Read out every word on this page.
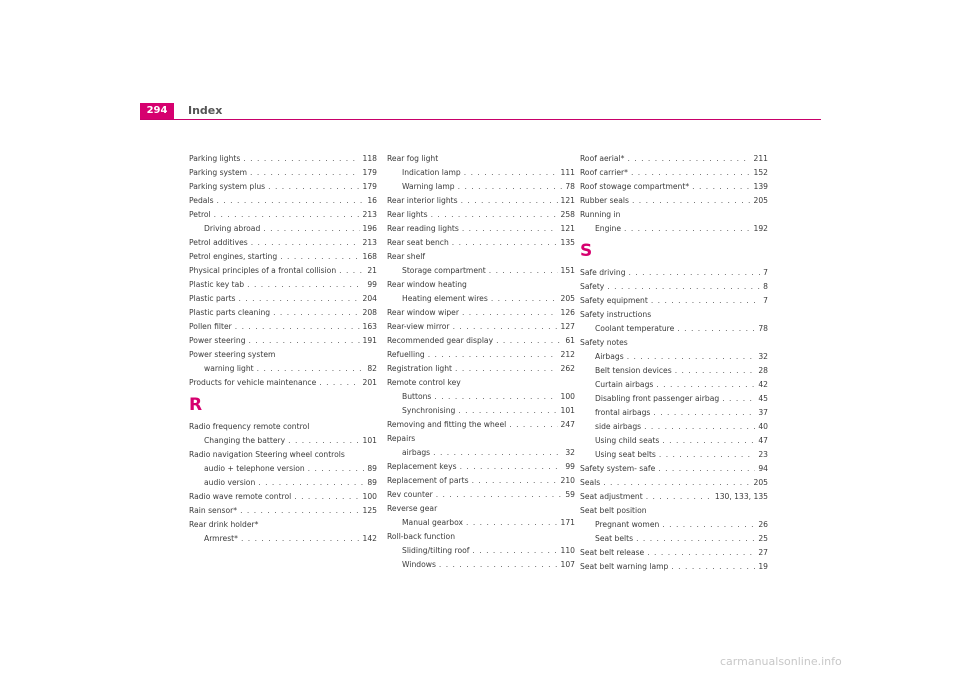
294	Index
Parking lights . . .	118
Parking system . . .	179
Parking system plus . . .	179
Pedals . . .	16
Petrol . . .	213
Driving abroad . . .	196
Petrol additives . . .	213
Petrol engines, starting . . .	168
Physical principles of a frontal collision . . .	21
Plastic key tab . . .	99
Plastic parts . . .	204
Plastic parts cleaning . . .	208
Pollen filter . . .	163
Power steering . . .	191
Power steering system
warning light . . .	82
Products for vehicle maintenance . . .	201
R
Radio frequency remote control
Changing the battery . . .	101
Radio navigation Steering wheel controls
audio + telephone version . . .	89
audio version . . .	89
Radio wave remote control . . .	100
Rain sensor* . . .	125
Rear drink holder*
Armrest* . . .	142
Rear fog light
Indication lamp . . .	111
Warning lamp . . .	78
Rear interior lights . . .	121
Rear lights . . .	258
Rear reading lights . . .	121
Rear seat bench . . .	135
Rear shelf
Storage compartment . . .	151
Rear window heating
Heating element wires . . .	205
Rear window wiper . . .	126
Rear-view mirror . . .	127
Recommended gear display . . .	61
Refuelling . . .	212
Registration light . . .	262
Remote control key
Buttons . . .	100
Synchronising . . .	101
Removing and fitting the wheel . . .	247
Repairs
airbags . . .	32
Replacement keys . . .	99
Replacement of parts . . .	210
Rev counter . . .	59
Reverse gear
Manual gearbox . . .	171
Roll-back function
Sliding/tilting roof . . .	110
Windows . . .	107
Roof aerial* . . .	211
Roof carrier* . . .	152
Roof stowage compartment* . . .	139
Rubber seals . . .	205
Running in
Engine . . .	192
S
Safe driving . . .	7
Safety . . .	8
Safety equipment . . .	7
Safety instructions
Coolant temperature . . .	78
Safety notes
Airbags . . .	32
Belt tension devices . . .	28
Curtain airbags . . .	42
Disabling front passenger airbag . . .	45
frontal airbags . . .	37
side airbags . . .	40
Using child seats . . .	47
Using seat belts . . .	23
Safety system- safe . . .	94
Seals . . .	205
Seat adjustment . . .	130, 133, 135
Seat belt position
Pregnant women . . .	26
Seat belts . . .	25
Seat belt release . . .	27
Seat belt warning lamp . . .	19
carmanualsonline.info
